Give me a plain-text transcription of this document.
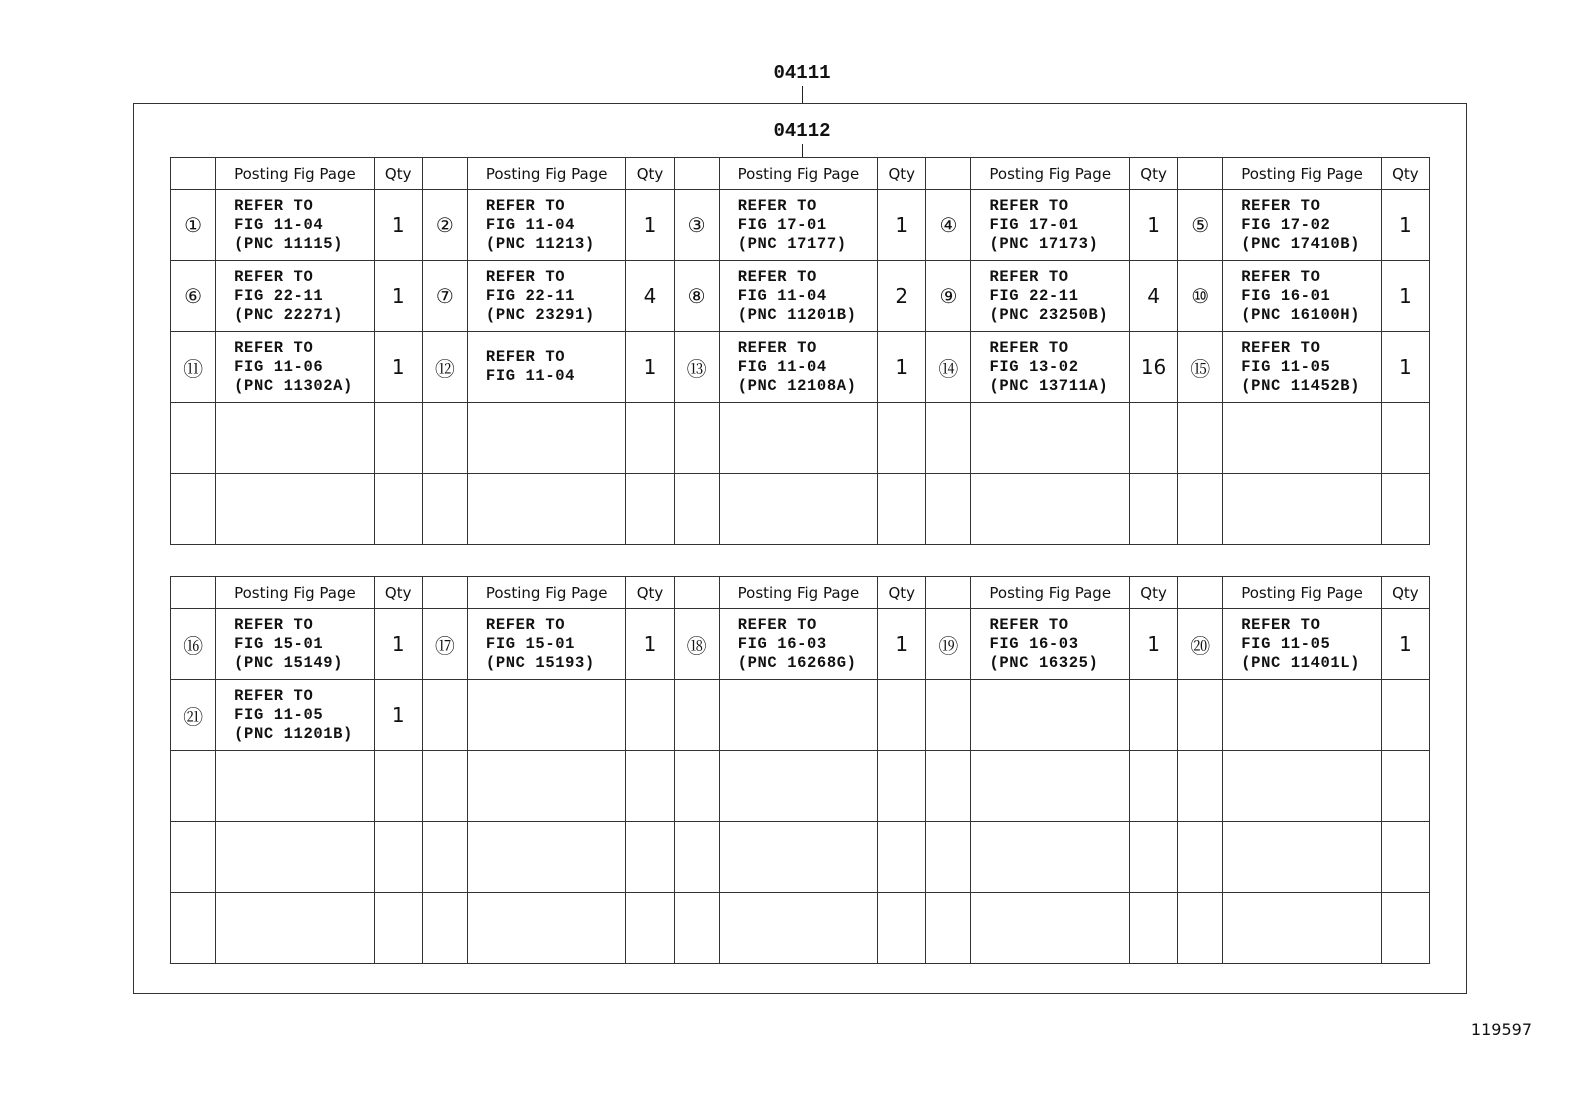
04111
04112
	Posting Fig Page	Qty		Posting Fig Page	Qty		Posting Fig Page	Qty		Posting Fig Page	Qty		Posting Fig Page	Qty
①	REFER TO
FIG 11-04
(PNC 11115)	1	②	REFER TO
FIG 11-04
(PNC 11213)	1	③	REFER TO
FIG 17-01
(PNC 17177)	1	④	REFER TO
FIG 17-01
(PNC 17173)	1	⑤	REFER TO
FIG 17-02
(PNC 17410B)	1
⑥	REFER TO
FIG 22-11
(PNC 22271)	1	⑦	REFER TO
FIG 22-11
(PNC 23291)	4	⑧	REFER TO
FIG 11-04
(PNC 11201B)	2	⑨	REFER TO
FIG 22-11
(PNC 23250B)	4	⑩	REFER TO
FIG 16-01
(PNC 16100H)	1
⑪	REFER TO
FIG 11-06
(PNC 11302A)	1	⑫	REFER TO
FIG 11-04	1	⑬	REFER TO
FIG 11-04
(PNC 12108A)	1	⑭	REFER TO
FIG 13-02
(PNC 13711A)	16	⑮	REFER TO
FIG 11-05
(PNC 11452B)	1

	Posting Fig Page	Qty		Posting Fig Page	Qty		Posting Fig Page	Qty		Posting Fig Page	Qty		Posting Fig Page	Qty
⑯	REFER TO
FIG 15-01
(PNC 15149)	1	⑰	REFER TO
FIG 15-01
(PNC 15193)	1	⑱	REFER TO
FIG 16-03
(PNC 16268G)	1	⑲	REFER TO
FIG 16-03
(PNC 16325)	1	⑳	REFER TO
FIG 11-05
(PNC 11401L)	1
㉑	REFER TO
FIG 11-05
(PNC 11201B)	1		

119597
